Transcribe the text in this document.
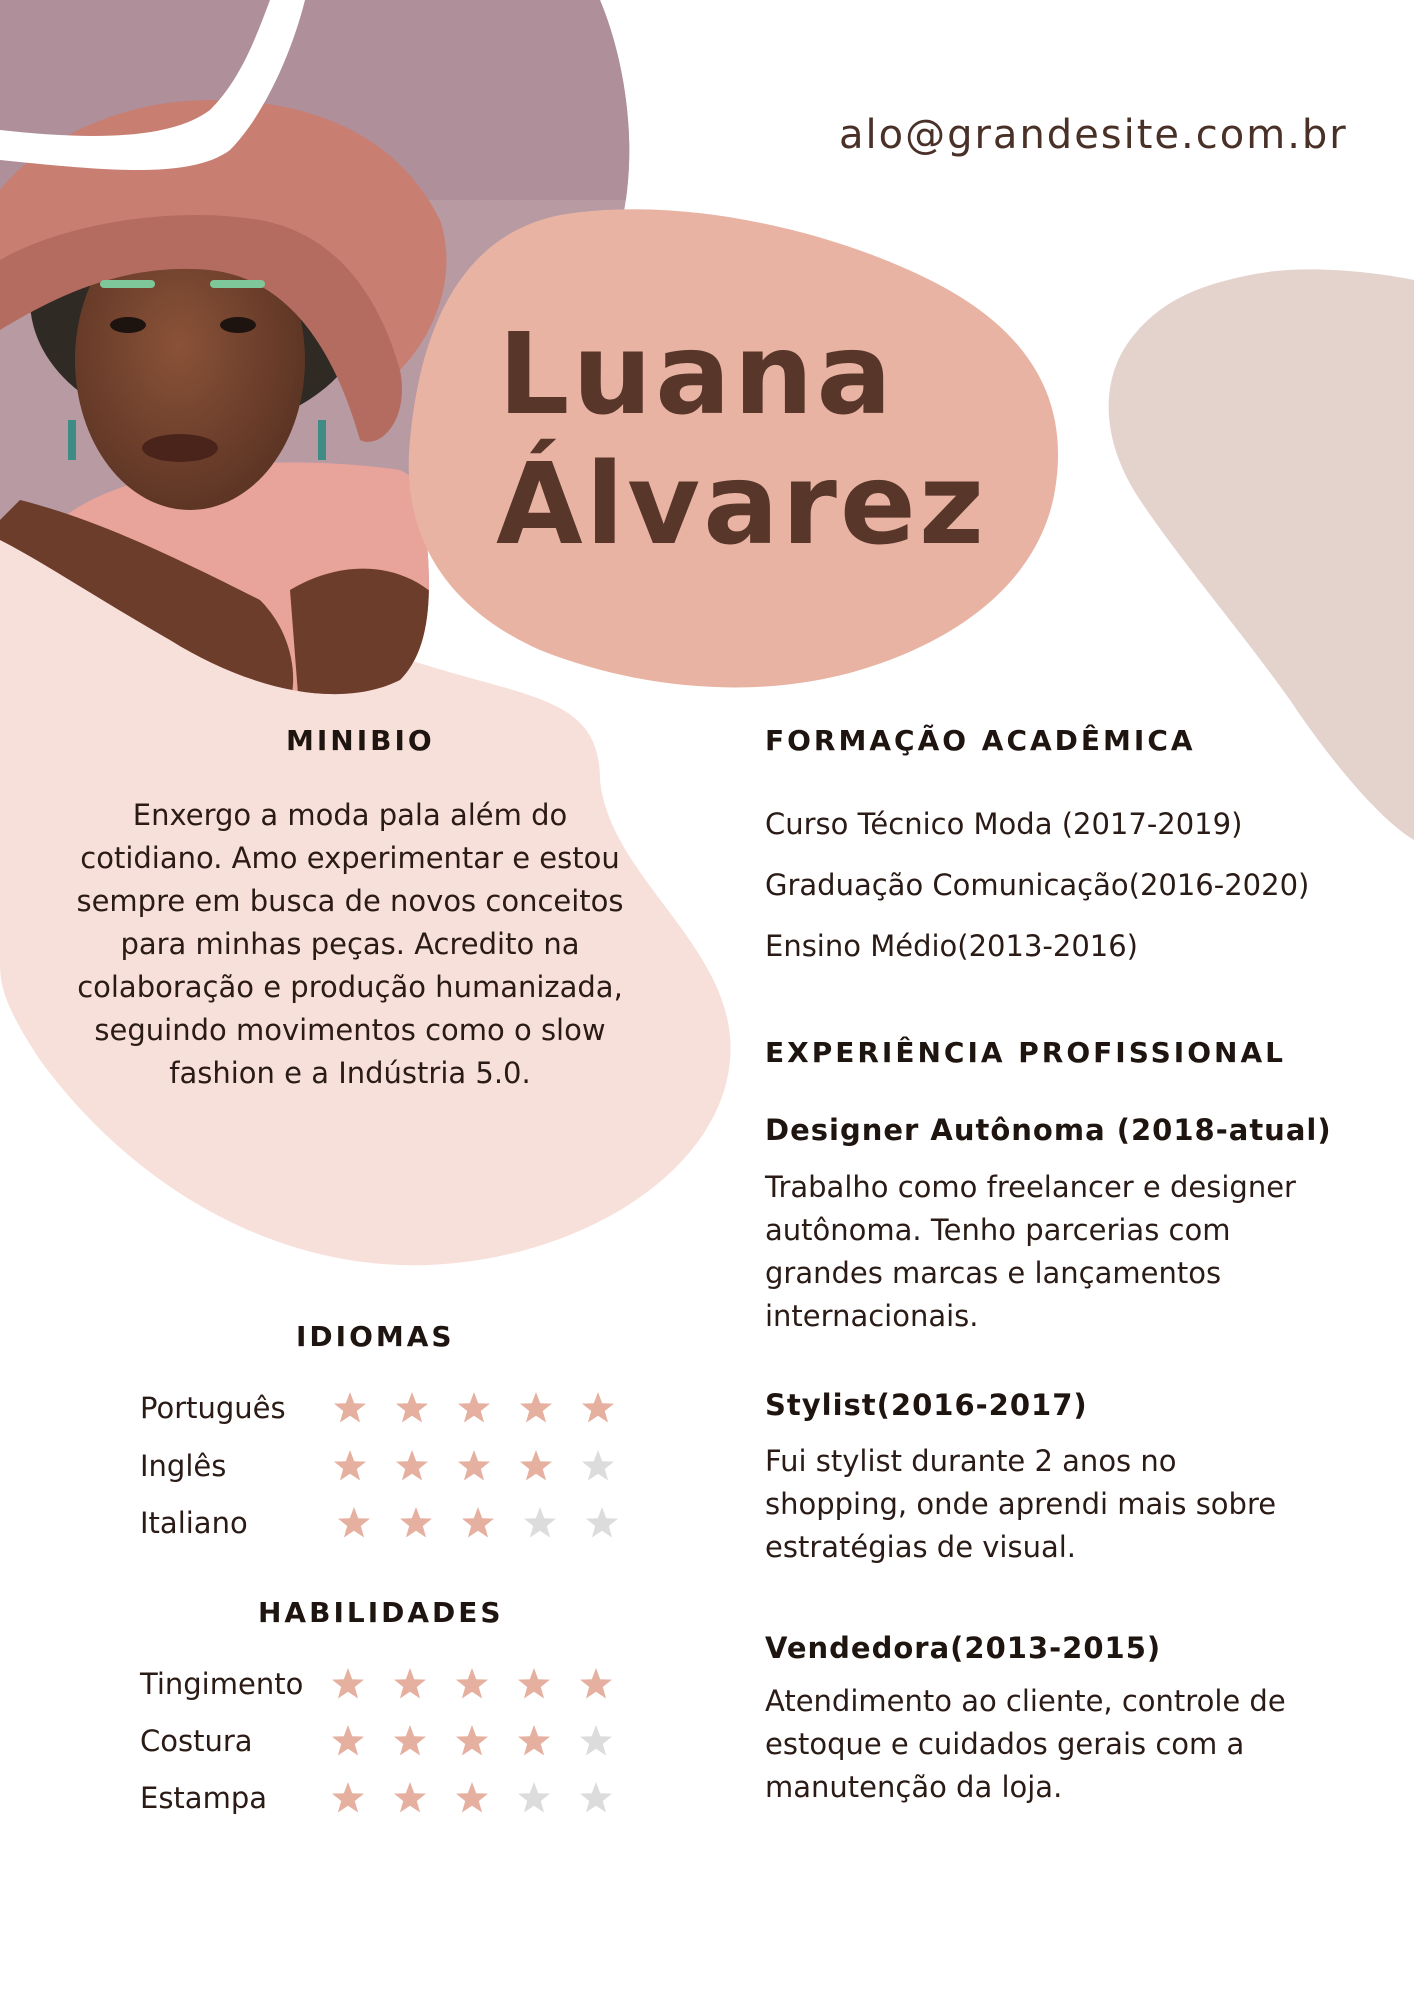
alo@grandesite.com.br
Luana
Álvarez
MINIBIO
Enxergo a moda pala além do
cotidiano. Amo experimentar e estou
sempre em busca de novos conceitos
para minhas peças. Acredito na
colaboração e produção humanizada,
seguindo movimentos como o slow
fashion e a Indústria 5.0.
FORMAÇÃO ACADÊMICA
Curso Técnico Moda (2017-2019)
Graduação Comunicação(2016-2020)
Ensino Médio(2013-2016)
EXPERIÊNCIA PROFISSIONAL
Designer Autônoma (2018-atual)
Trabalho como freelancer e designer
autônoma. Tenho parcerias com
grandes marcas e lançamentos
internacionais.
Stylist(2016-2017)
Fui stylist durante 2 anos no
shopping, onde aprendi mais sobre
estratégias de visual.
Vendedora(2013-2015)
Atendimento ao cliente, controle de
estoque e cuidados gerais com a
manutenção da loja.
IDIOMAS
Português
Inglês
Italiano
HABILIDADES
Tingimento
Costura
Estampa
